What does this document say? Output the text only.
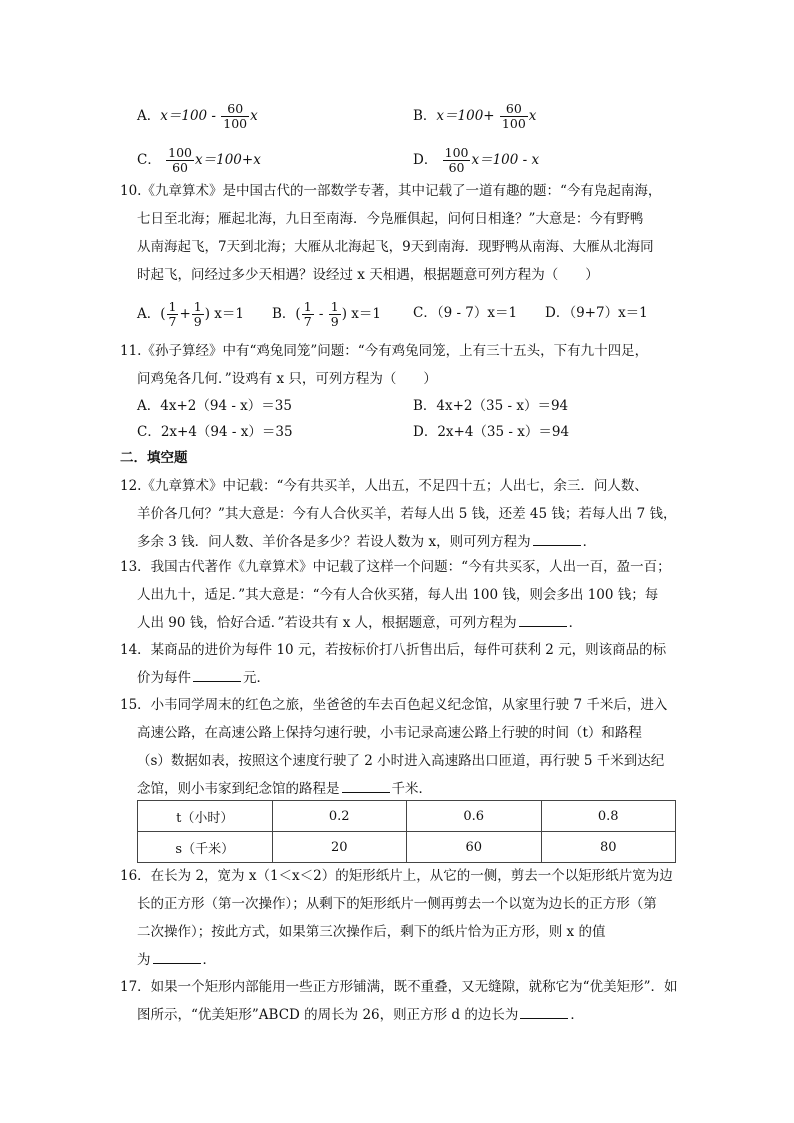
A．$x=100 - \frac{60}{100}$ x	B．$x=100+ \frac{60}{100}$ x
C． $\frac{100}{60} x=100+x$	D． $\frac{100}{60} x=100 - x$
10.《九章算术》是中国古代的一部数学专著，其中记载了一道有趣的题：“今有凫起南海，
七日至北海；雁起北海，九日至南海．今凫雁俱起，问何日相逢？”大意是：今有野鸭
从南海起飞，7天到北海；大雁从北海起飞，9天到南海．现野鸭从南海、大雁从北海同
时起飞，问经过多少天相遇？设经过 x 天相遇，根据题意可列方程为（　　）
A．( $\frac{1}{7} + \frac{1}{9}$ ) x＝1 B．( $\frac{1}{7} - \frac{1}{9}$ ) x＝1 C．（9 - 7）x＝1 D．（9+7）x＝1
11.《孙子算经》中有“鸡兔同笼”问题：“今有鸡兔同笼，上有三十五头，下有九十四足，
问鸡兔各几何．”设鸡有 x 只，可列方程为（　　）
A．4x+2（94 - x）＝35	B．4x+2（35 - x）＝94
C．2x+4（94 - x）＝35	D．2x+4（35 - x）＝94
二．填空题
12.《九章算术》中记载：“今有共买羊，人出五，不足四十五；人出七，余三．问人数、
羊价各几何？”其大意是：今有人合伙买羊，若每人出 5 钱，还差 45 钱；若每人出 7 钱，
多余 3 钱．问人数、羊价各是多少？若设人数为 x，则可列方程为	．
13．我国古代著作《九章算术》中记载了这样一个问题：“今有共买豕，人出一百，盈一百；
人出九十，适足．”其大意是：“今有人合伙买猪，每人出 100 钱，则会多出 100 钱；每
人出 90 钱，恰好合适．”若设共有 x 人，根据题意，可列方程为	．
14．某商品的进价为每件 10 元，若按标价打八折售出后，每件可获利 2 元，则该商品的标
价为每件	元．
15．小韦同学周末的红色之旅，坐爸爸的车去百色起义纪念馆，从家里行驶 7 千米后，进入
高速公路，在高速公路上保持匀速行驶，小韦记录高速公路上行驶的时间（t）和路程
（s）数据如表，按照这个速度行驶了 2 小时进入高速路出口匝道，再行驶 5 千米到达纪
念馆，则小韦家到纪念馆的路程是	千米．
t（小时）	0.2	0.6	0.8
s（千米）	20	60	80
16．在长为 2，宽为 x（1＜x＜2）的矩形纸片上，从它的一侧，剪去一个以矩形纸片宽为边
长的正方形（第一次操作）；从剩下的矩形纸片一侧再剪去一个以宽为边长的正方形（第
二次操作）；按此方式，如果第三次操作后，剩下的纸片恰为正方形，则 x 的值
为	．
17．如果一个矩形内部能用一些正方形铺满，既不重叠，又无缝隙，就称它为“优美矩形”．如
图所示，“优美矩形”ABCD 的周长为 26，则正方形 d 的边长为	．
